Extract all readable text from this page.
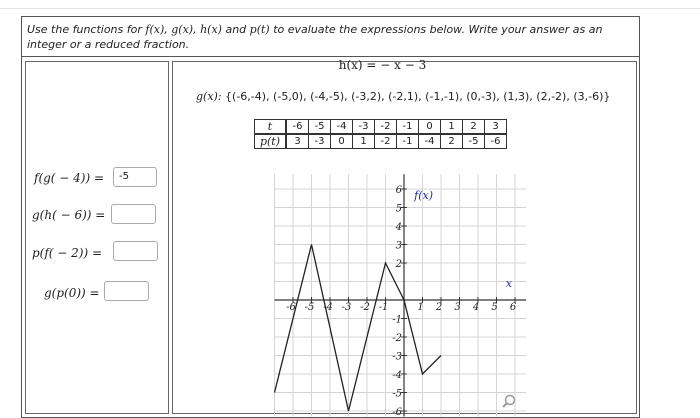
Use the functions for f(x), g(x), h(x) and p(t) to evaluate the expressions below. Write your answer as an integer or a reduced fraction.
f(g( − 4)) =	-5
g(h( − 6)) =
p(f( − 2)) =
g(p(0)) =
h(x) = − x − 3
g(x): {(-6,-4), (-5,0), (-4,-5), (-3,2), (-2,1), (-1,-1), (0,-3), (1,3), (2,-2), (3,-6)}
t	-6	-5	-4	-3	-2	-1	0	1	2	3
p(t)	3	-3	0	1	-2	-1	-4	2	-5	-6
-6 -5 -4 -3 -2 -1	1 2 3 4 5 6
6
5
4
3
2
-1
-2
-3
-4
-5
-6
x
f(x)
